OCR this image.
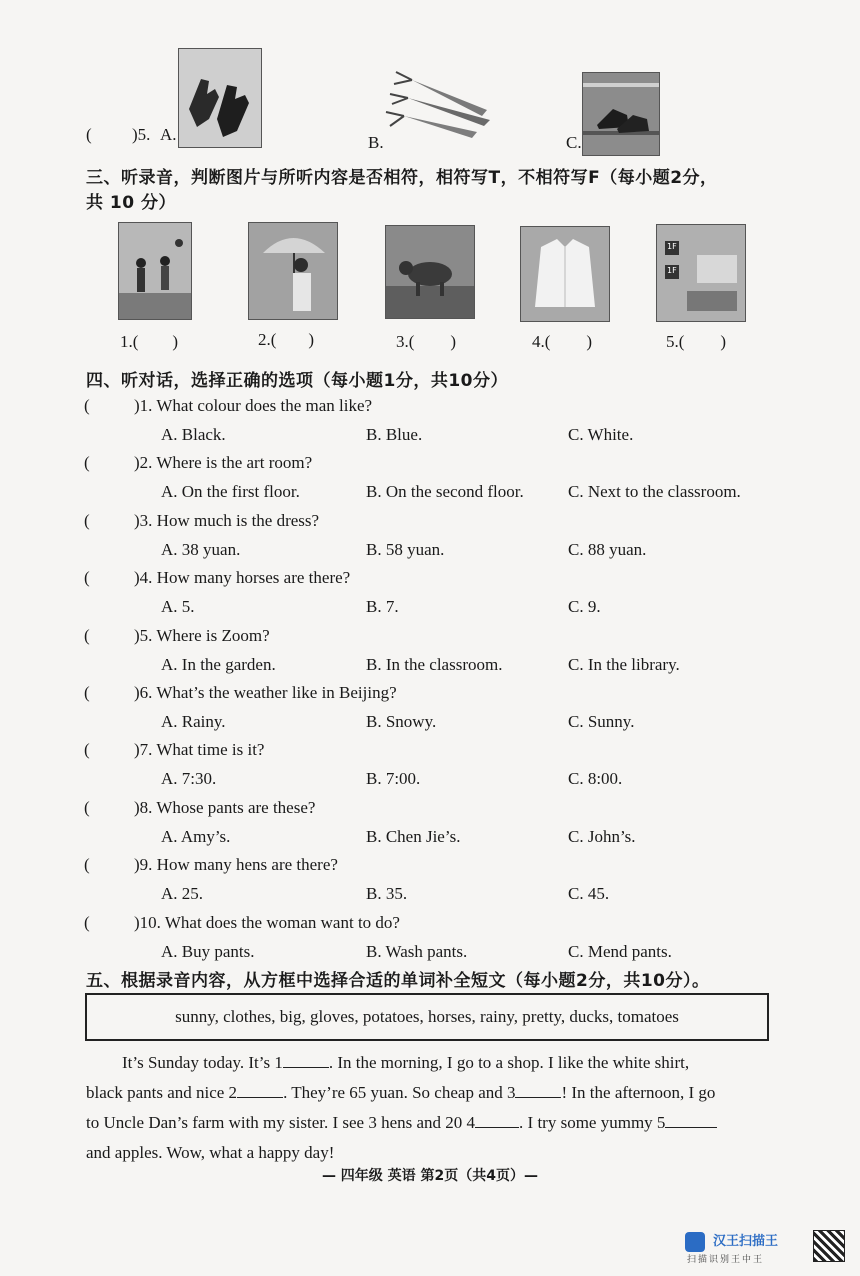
( )5. A.	B.	C.
三、听录音，判断图片与所听内容是否相符，相符写T，不相符写F（每小题2分，
共 10 分）
1F
1F
1.( )	2.( )	3.( )	4.( )	5.( )
四、听对话，选择正确的选项（每小题1分，共10分）
(	)1. What colour does the man like?
A. Black.	B. Blue.	C. White.
(	)2. Where is the art room?
A. On the first floor.	B. On the second floor.	C. Next to the classroom.
(	)3. How much is the dress?
A. 38 yuan.	B. 58 yuan.	C. 88 yuan.
(	)4. How many horses are there?
A. 5.	B. 7.	C. 9.
(	)5. Where is Zoom?
A. In the garden.	B. In the classroom.	C. In the library.
(	)6. What’s the weather like in Beijing?
A. Rainy.	B. Snowy.	C. Sunny.
(	)7. What time is it?
A. 7:30.	B. 7:00.	C. 8:00.
(	)8. Whose pants are these?
A. Amy’s.	B. Chen Jie’s.	C. John’s.
(	)9. How many hens are there?
A. 25.	B. 35.	C. 45.
(	)10. What does the woman want to do?
A. Buy pants.	B. Wash pants.	C. Mend pants.
五、根据录音内容，从方框中选择合适的单词补全短文（每小题2分，共10分）。
sunny, clothes, big, gloves, potatoes, horses, rainy, pretty, ducks, tomatoes
It’s Sunday today. It’s 1	. In the morning, I go to a shop. I like the white shirt,
black pants and nice 2	. They’re 65 yuan. So cheap and 3	! In the afternoon, I go
to Uncle Dan’s farm with my sister. I see 3 hens and 20 4	. I try some yummy 5
and apples. Wow, what a happy day!
— 四年级 英语 第2页（共4页）—
汉王扫描王
扫描识别王中王
